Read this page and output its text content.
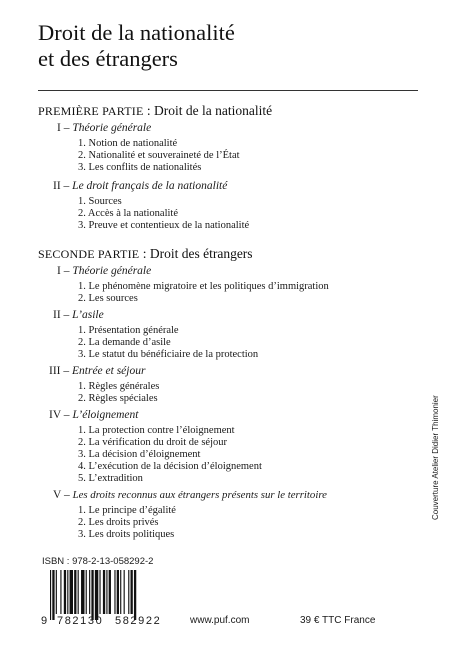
Droit de la nationalité
et des étrangers
PREMIÈRE PARTIE : Droit de la nationalité
I – Théorie générale
1. Notion de nationalité
2. Nationalité et souveraineté de l’État
3. Les conflits de nationalités
II – Le droit français de la nationalité
1. Sources
2. Accès à la nationalité
3. Preuve et contentieux de la nationalité
SECONDE PARTIE : Droit des étrangers
I – Théorie générale
1. Le phénomène migratoire et les politiques d’immigration
2. Les sources
II – L’asile
1. Présentation générale
2. La demande d’asile
3. Le statut du bénéficiaire de la protection
III – Entrée et séjour
1. Règles générales
2. Règles spéciales
IV – L’éloignement
1. La protection contre l’éloignement
2. La vérification du droit de séjour
3. La décision d’éloignement
4. L’exécution de la décision d’éloignement
5. L’extradition
V – Les droits reconnus aux étrangers présents sur le territoire
1. Le principe d’égalité
2. Les droits privés
3. Les droits politiques
Couverture Atelier Didier Thimonier
ISBN : 978-2-13-058292-2
9 782130 582922	www.puf.com	39 € TTC France
